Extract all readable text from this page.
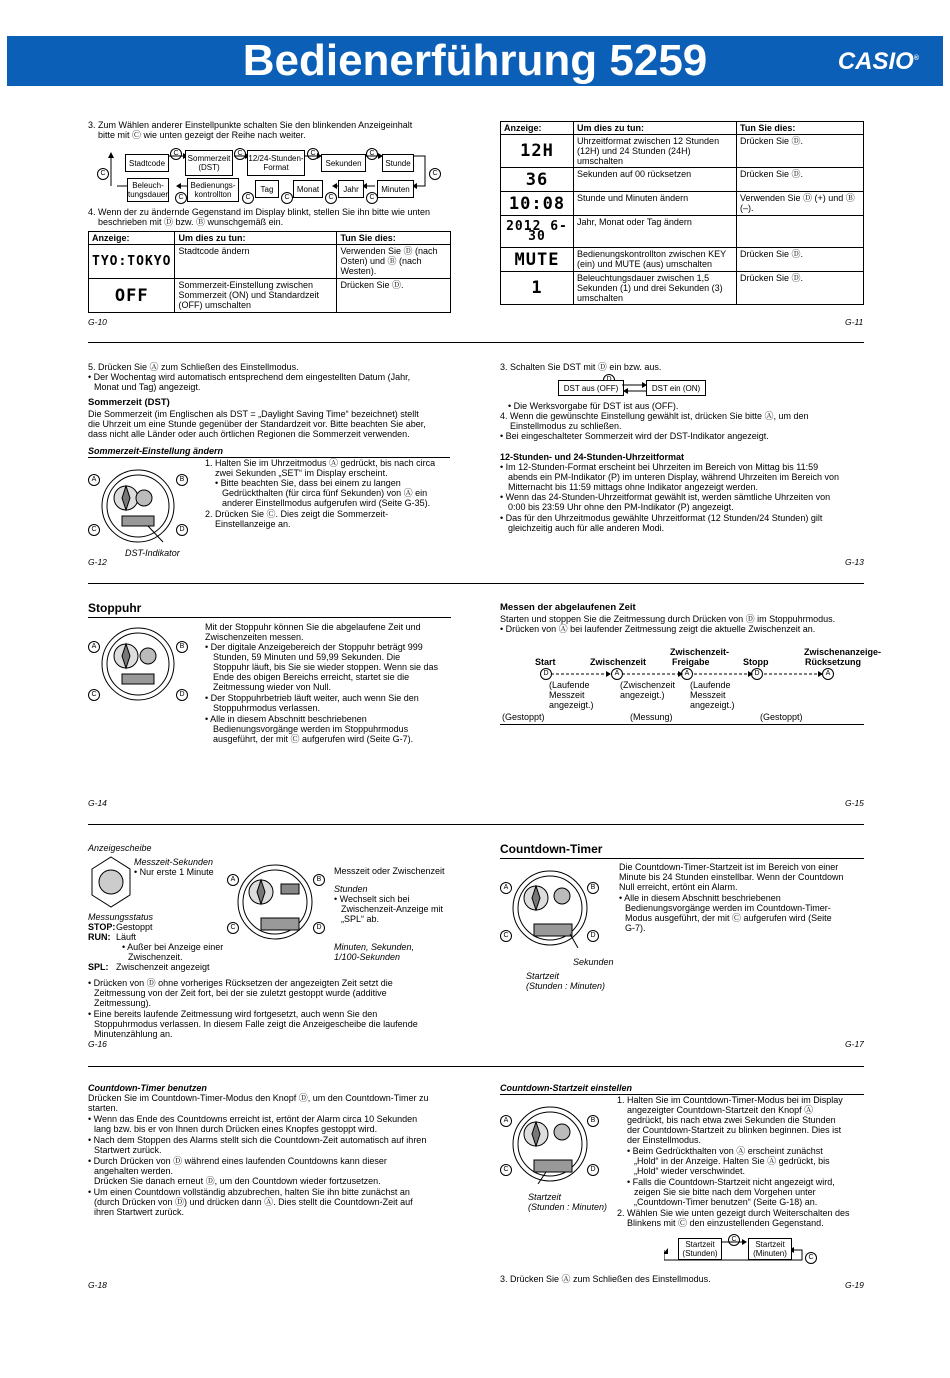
Bedienerführung 5259	CASIO®
3. Zum Wählen anderer Einstellpunkte schalten Sie den blinkenden Anzeigeinhalt
bitte mit Ⓒ wie unten gezeigt der Reihe nach weiter.
Stadtcode	Sommerzeit
(DST)
12/24-Stunden-
Format	Sekunden	Stunde
Beleuch-
tungsdauer
Bedienungs-
kontrollton
Tag	Monat	Jahr	Minuten
C
C	C	C	C
C
C	C	C	C	C
4. Wenn der zu ändernde Gegenstand im Display blinkt, stellen Sie ihn bitte wie unten
beschrieben mit Ⓓ bzw. Ⓑ wunschgemäß ein.
Anzeige:	Um dies zu tun:	Tun Sie dies:
TYO:TOKYO	Stadtcode ändern	Verwenden Sie Ⓓ (nach Osten) und Ⓑ (nach Westen).
OFF	Sommerzeit-Einstellung zwischen Sommerzeit (ON) und Standardzeit (OFF) umschalten	Drücken Sie Ⓓ.
G-10
Anzeige:	Um dies zu tun:	Tun Sie dies:
12H	Uhrzeitformat zwischen 12 Stunden (12H) und 24 Stunden (24H) umschalten	Drücken Sie Ⓓ.
36	Sekunden auf 00 rücksetzen	Drücken Sie Ⓓ.
10:08	Stunde und Minuten ändern	Verwenden Sie Ⓓ (+) und Ⓑ (–).
2012 6-30	Jahr, Monat oder Tag ändern	
MUTE	Bedienungskontrollton zwischen KEY (ein) und MUTE (aus) umschalten	Drücken Sie Ⓓ.
1	Beleuchtungsdauer zwischen 1,5 Sekunden (1) und drei Sekunden (3) umschalten	Drücken Sie Ⓓ.
G-11
5. Drücken Sie Ⓐ zum Schließen des Einstellmodus.
• Der Wochentag wird automatisch entsprechend dem eingestellten Datum (Jahr,
Monat und Tag) angezeigt.
Sommerzeit (DST)
Die Sommerzeit (im Englischen als DST = „Daylight Saving Time“ bezeichnet) stellt
die Uhrzeit um eine Stunde gegenüber der Standardzeit vor. Bitte beachten Sie aber,
dass nicht alle Länder oder auch örtlichen Regionen die Sommerzeit verwenden.
Sommerzeit-Einstellung ändern
1. Halten Sie im Uhrzeitmodus Ⓐ gedrückt, bis nach circa
zwei Sekunden „SET“ im Display erscheint.
• Bitte beachten Sie, dass bei einem zu langen
Gedrückthalten (für circa fünf Sekunden) von Ⓐ ein
anderer Einstellmodus aufgerufen wird (Seite G-35).
2. Drücken Sie Ⓒ. Dies zeigt die Sommerzeit-
Einstellanzeige an.
A	B
C	D
DST-Indikator
G-12
3. Schalten Sie DST mit Ⓓ ein bzw. aus.
DST aus (OFF)	DST ein (ON)
• Die Werksvorgabe für DST ist aus (OFF).
4. Wenn die gewünschte Einstellung gewählt ist, drücken Sie bitte Ⓐ, um den
Einstellmodus zu schließen.
• Bei eingeschalteter Sommerzeit wird der DST-Indikator angezeigt.
12-Stunden- und 24-Stunden-Uhrzeitformat
• Im 12-Stunden-Format erscheint bei Uhrzeiten im Bereich von Mittag bis 11:59
abends ein PM-Indikator (P) im unteren Display, während Uhrzeiten im Bereich von
Mitternacht bis 11:59 mittags ohne Indikator angezeigt werden.
• Wenn das 24-Stunden-Uhrzeitformat gewählt ist, werden sämtliche Uhrzeiten von
0:00 bis 23:59 Uhr ohne den PM-Indikator (P) angezeigt.
• Das für den Uhrzeitmodus gewählte Uhrzeitformat (12 Stunden/24 Stunden) gilt
gleichzeitig auch für alle anderen Modi.
G-13
Stoppuhr
Mit der Stoppuhr können Sie die abgelaufene Zeit und
Zwischenzeiten messen.
• Der digitale Anzeigebereich der Stoppuhr beträgt 999
Stunden, 59 Minuten und 59,99 Sekunden. Die
Stoppuhr läuft, bis Sie sie wieder stoppen. Wenn sie das
Ende des obigen Bereichs erreicht, startet sie die
Zeitmessung wieder von Null.
• Der Stoppuhrbetrieb läuft weiter, auch wenn Sie den
Stoppuhrmodus verlassen.
• Alle in diesem Abschnitt beschriebenen
Bedienungsvorgänge werden im Stoppuhrmodus
ausgeführt, der mit Ⓒ aufgerufen wird (Seite G-7).
A	B
C	D
G-14
Messen der abgelaufenen Zeit
Starten und stoppen Sie die Zeitmessung durch Drücken von Ⓓ im Stoppuhrmodus.
• Drücken von Ⓐ bei laufender Zeitmessung zeigt die aktuelle Zwischenzeit an.
Start	Zwischenzeit
Zwischenzeit-
Freigabe	Stopp
Zwischenanzeige-
Rücksetzung
D	A	A	D	A
(Laufende
Messzeit
angezeigt.)
(Zwischenzeit
angezeigt.)
(Laufende
Messzeit
angezeigt.)
(Gestoppt)	(Messung)	(Gestoppt)
G-15
Anzeigescheibe
Messzeit-Sekunden
• Nur erste 1 Minute	Messzeit oder Zwischenzeit
Stunden
• Wechselt sich bei
Zwischenzeit-Anzeige mit
„SPL“ ab.
Messungsstatus
STOP: Gestoppt
RUN: Läuft
• Außer bei Anzeige einer
Zwischenzeit.
SPL: Zwischenzeit angezeigt
Minuten, Sekunden,
1/100-Sekunden
A	B
C	D
• Drücken von Ⓓ ohne vorheriges Rücksetzen der angezeigten Zeit setzt die
Zeitmessung von der Zeit fort, bei der sie zuletzt gestoppt wurde (additive
Zeitmessung).
• Eine bereits laufende Zeitmessung wird fortgesetzt, auch wenn Sie den
Stoppuhrmodus verlassen. In diesem Falle zeigt die Anzeigescheibe die laufende
Minutenzählung an.
G-16
Countdown-Timer
Die Countdown-Timer-Startzeit ist im Bereich von einer
Minute bis 24 Stunden einstellbar. Wenn der Countdown
Null erreicht, ertönt ein Alarm.
• Alle in diesem Abschnitt beschriebenen
Bedienungsvorgänge werden im Countdown-Timer-
Modus ausgeführt, der mit Ⓒ aufgerufen wird (Seite
G-7).
A	B
C	D
Sekunden
Startzeit
(Stunden : Minuten)
G-17
Countdown-Timer benutzen
Drücken Sie im Countdown-Timer-Modus den Knopf Ⓓ, um den Countdown-Timer zu
starten.
• Wenn das Ende des Countdowns erreicht ist, ertönt der Alarm circa 10 Sekunden
lang bzw. bis er von Ihnen durch Drücken eines Knopfes gestoppt wird.
• Nach dem Stoppen des Alarms stellt sich die Countdown-Zeit automatisch auf ihren
Startwert zurück.
• Durch Drücken von Ⓓ während eines laufenden Countdowns kann dieser
angehalten werden.
Drücken Sie danach erneut Ⓓ, um den Countdown wieder fortzusetzen.
• Um einen Countdown vollständig abzubrechen, halten Sie ihn bitte zunächst an
(durch Drücken von Ⓓ) und drücken dann Ⓐ. Dies stellt die Countdown-Zeit auf
ihren Startwert zurück.
G-18
Countdown-Startzeit einstellen
1. Halten Sie im Countdown-Timer-Modus bei im Display
angezeigter Countdown-Startzeit den Knopf Ⓐ
gedrückt, bis nach etwa zwei Sekunden die Stunden
der Countdown-Startzeit zu blinken beginnen. Dies ist
der Einstellmodus.
• Beim Gedrückthalten von Ⓐ erscheint zunächst
„Hold“ in der Anzeige. Halten Sie Ⓐ gedrückt, bis
„Hold“ wieder verschwindet.
• Falls die Countdown-Startzeit nicht angezeigt wird,
zeigen Sie sie bitte nach dem Vorgehen unter
„Countdown-Timer benutzen“ (Seite G-18) an.
2. Wählen Sie wie unten gezeigt durch Weiterschalten des
Blinkens mit Ⓒ den einzustellenden Gegenstand.
A	B
C	D
Startzeit
(Stunden : Minuten)
Startzeit
(Stunden)
Startzeit
(Minuten)
C
C
3. Drücken Sie Ⓐ zum Schließen des Einstellmodus.
G-19
